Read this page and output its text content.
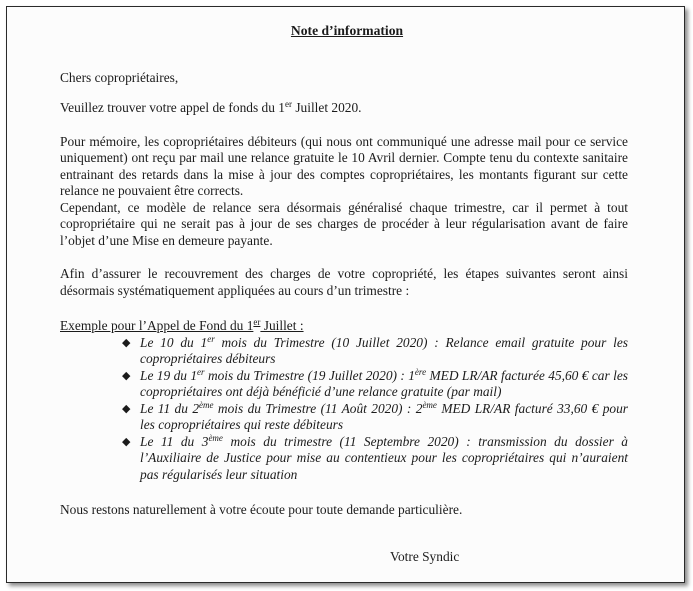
Note d’information

Chers copropriétaires,

Veuillez trouver votre appel de fonds du 1er Juillet 2020.

Pour mémoire, les copropriétaires débiteurs (qui nous ont communiqué une adresse mail pour ce service uniquement) ont reçu par mail une relance gratuite le 10 Avril dernier. Compte tenu du contexte sanitaire entrainant des retards dans la mise à jour des comptes copropriétaires, les montants figurant sur cette relance ne pouvaient être corrects.

Cependant, ce modèle de relance sera désormais généralisé chaque trimestre, car il permet à tout copropriétaire qui ne serait pas à jour de ses charges de procéder à leur régularisation avant de faire l’objet d’une Mise en demeure payante.

Afin d’assurer le recouvrement des charges de votre copropriété, les étapes suivantes seront ainsi désormais systématiquement appliquées au cours d’un trimestre :

Exemple pour l’Appel de Fond du 1er Juillet :

◆ Le 10 du 1er mois du Trimestre (10 Juillet 2020) : Relance email gratuite pour les copropriétaires débiteurs
◆ Le 19 du 1er mois du Trimestre (19 Juillet 2020) : 1ère MED LR/AR facturée 45,60 € car les copropriétaires ont déjà bénéficié d’une relance gratuite (par mail)
◆ Le 11 du 2ème mois du Trimestre (11 Août 2020) : 2ème MED LR/AR facturé 33,60 € pour les copropriétaires qui reste débiteurs
◆ Le 11 du 3ème mois du trimestre (11 Septembre 2020) : transmission du dossier à l’Auxiliaire de Justice pour mise au contentieux pour les copropriétaires qui n’auraient pas régularisés leur situation

Nous restons naturellement à votre écoute pour toute demande particulière.

Votre Syndic
